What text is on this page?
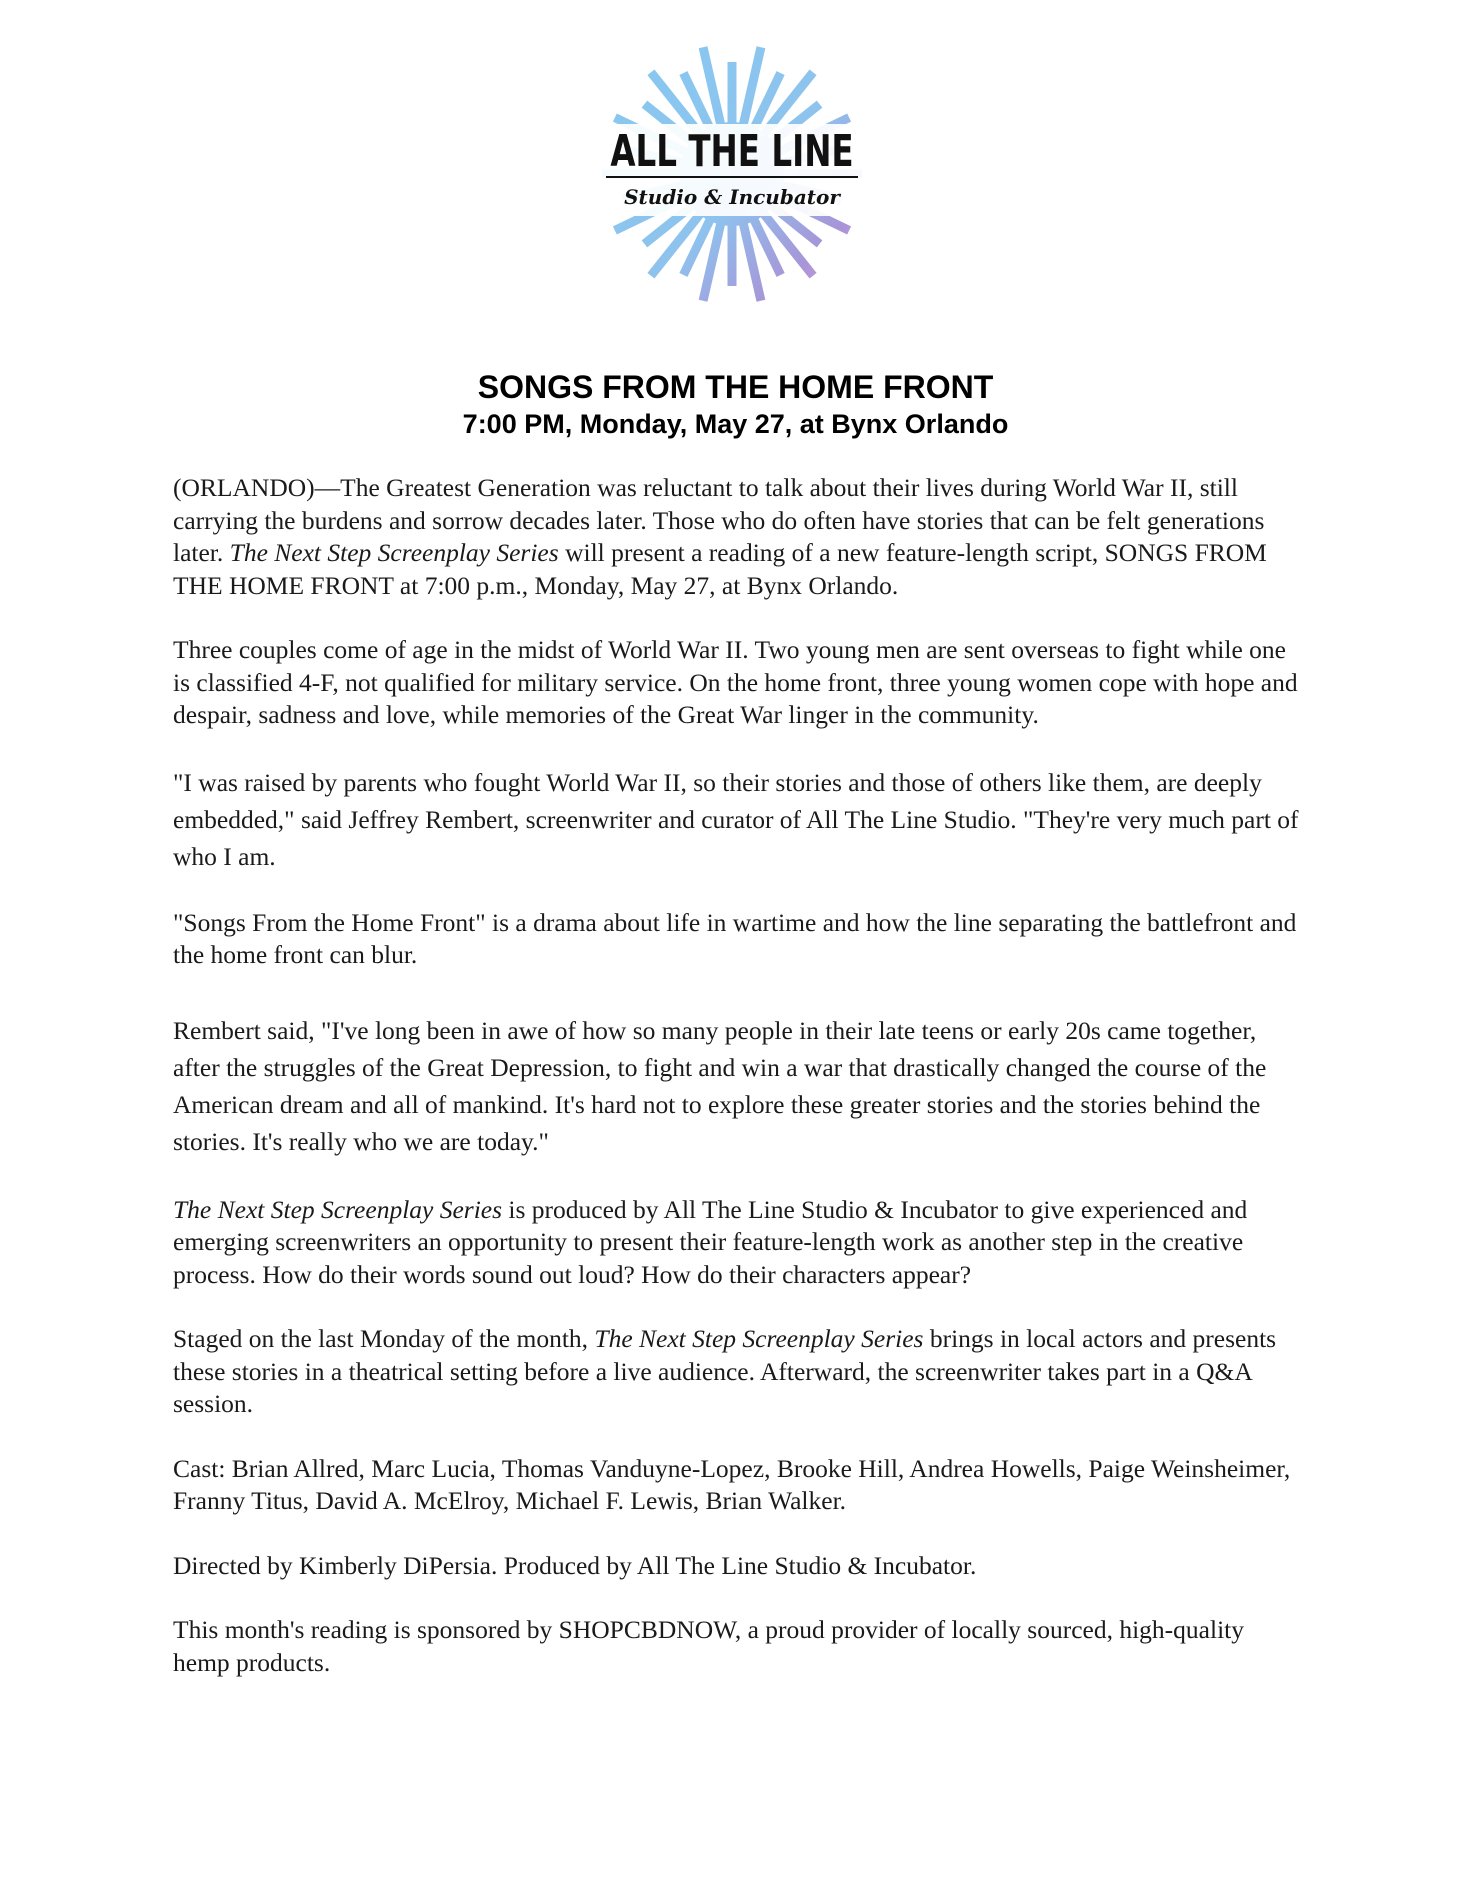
ALL THE LINE
Studio & Incubator
SONGS FROM THE HOME FRONT
7:00 PM, Monday, May 27, at Bynx Orlando

(ORLANDO)—The Greatest Generation was reluctant to talk about their lives during World War II, still carrying the burdens and sorrow decades later. Those who do often have stories that can be felt generations later. The Next Step Screenplay Series will present a reading of a new feature-length script, SONGS FROM THE HOME FRONT at 7:00 p.m., Monday, May 27, at Bynx Orlando.

Three couples come of age in the midst of World War II. Two young men are sent overseas to fight while one is classified 4-F, not qualified for military service. On the home front, three young women cope with hope and despair, sadness and love, while memories of the Great War linger in the community.

"I was raised by parents who fought World War II, so their stories and those of others like them, are deeply embedded," said Jeffrey Rembert, screenwriter and curator of All The Line Studio. "They're very much part of who I am.

"Songs From the Home Front" is a drama about life in wartime and how the line separating the battlefront and the home front can blur.

Rembert said, "I've long been in awe of how so many people in their late teens or early 20s came together, after the struggles of the Great Depression, to fight and win a war that drastically changed the course of the American dream and all of mankind. It's hard not to explore these greater stories and the stories behind the stories. It's really who we are today."

The Next Step Screenplay Series is produced by All The Line Studio & Incubator to give experienced and emerging screenwriters an opportunity to present their feature-length work as another step in the creative process. How do their words sound out loud? How do their characters appear?

Staged on the last Monday of the month, The Next Step Screenplay Series brings in local actors and presents these stories in a theatrical setting before a live audience. Afterward, the screenwriter takes part in a Q&A session.

Cast: Brian Allred, Marc Lucia, Thomas Vanduyne-Lopez, Brooke Hill, Andrea Howells, Paige Weinsheimer, Franny Titus, David A. McElroy, Michael F. Lewis, Brian Walker.

Directed by Kimberly DiPersia. Produced by All The Line Studio & Incubator.

This month's reading is sponsored by SHOPCBDNOW, a proud provider of locally sourced, high-quality hemp products.
